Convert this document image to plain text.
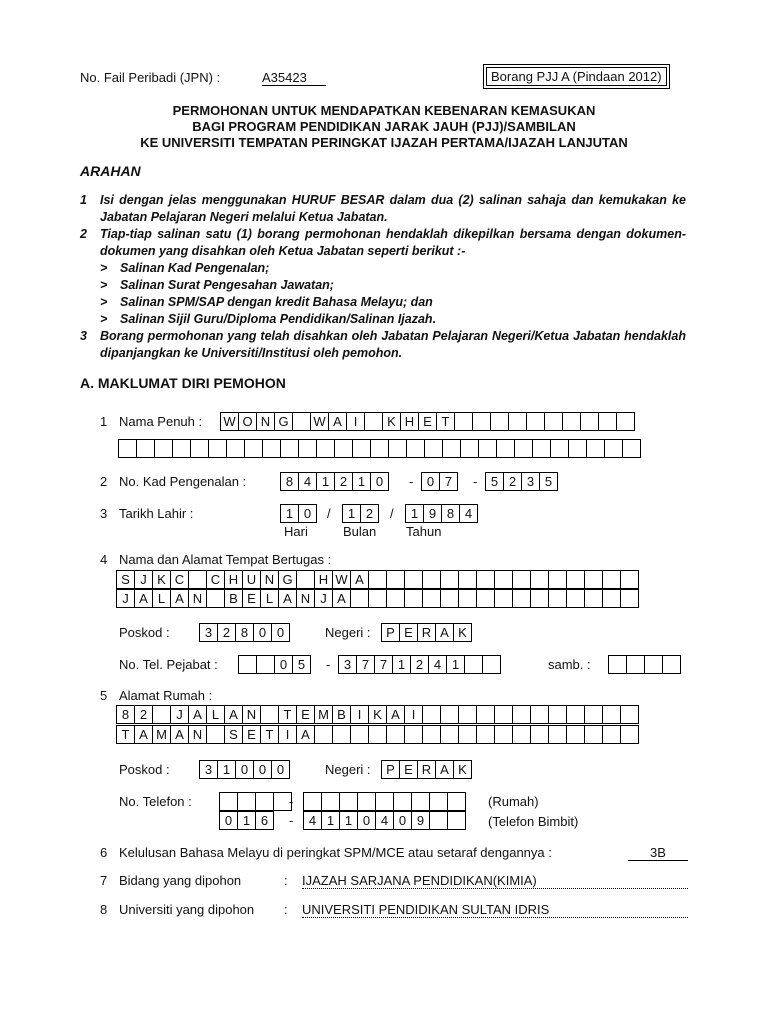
No. Fail Peribadi (JPN) :	A35423	Borang PJJ A (Pindaan 2012)
PERMOHONAN UNTUK MENDAPATKAN KEBENARAN KEMASUKAN
BAGI PROGRAM PENDIDIKAN JARAK JAUH (PJJ)/SAMBILAN
KE UNIVERSITI TEMPATAN PERINGKAT IJAZAH PERTAMA/IJAZAH LANJUTAN
ARAHAN
1	Isi dengan jelas menggunakan HURUF BESAR dalam dua (2) salinan sahaja dan kemukakan ke Jabatan Pelajaran Negeri melalui Ketua Jabatan.
2	Tiap-tiap salinan satu (1) borang permohonan hendaklah dikepilkan bersama dengan dokumen-dokumen yang disahkan oleh Ketua Jabatan seperti berikut :-
>	Salinan Kad Pengenalan;
>	Salinan Surat Pengesahan Jawatan;
>	Salinan SPM/SAP dengan kredit Bahasa Melayu; dan
>	Salinan Sijil Guru/Diploma Pendidikan/Salinan Ijazah.
3	Borang permohonan yang telah disahkan oleh Jabatan Pelajaran Negeri/Ketua Jabatan hendaklah dipanjangkan ke Universiti/Institusi oleh pemohon.
A. MAKLUMAT DIRI PEMOHON
1 Nama Penuh : W O N G	W A I	K H E T
2 No. Kad Pengenalan :	8 4 1 2 1 0	-	0 7	-	5 2 3 5
3 Tarikh Lahir :	1 0	/	1 2	/	1 9 8 4
Hari	Bulan Tahun
4 Nama dan Alamat Tempat Bertugas :
S J K C	C H U N G	H W A
J A L A N	B E L A N J A
Poskod :	3 2 8 0 0	Negeri :	P E R A K
No. Tel. Pejabat :	0 5	-	3 7 7 1 2 4 1	samb. :
5 Alamat Rumah :
8 2	J A L A N	T E M B I K A I
T A M A N	S E T I A
Poskod :	3 1 0 0 0	Negeri :	P E R A K
No. Telefon :	-	(Rumah)
0 1 6	-	4 1 1 0 4 0 9	(Telefon Bimbit)
6 Kelulusan Bahasa Melayu di peringkat SPM/MCE atau setaraf dengannya :	3B
7 Bidang yang dipohon	: IJAZAH SARJANA PENDIDIKAN(KIMIA)
8 Universiti yang dipohon : UNIVERSITI PENDIDIKAN SULTAN IDRIS
